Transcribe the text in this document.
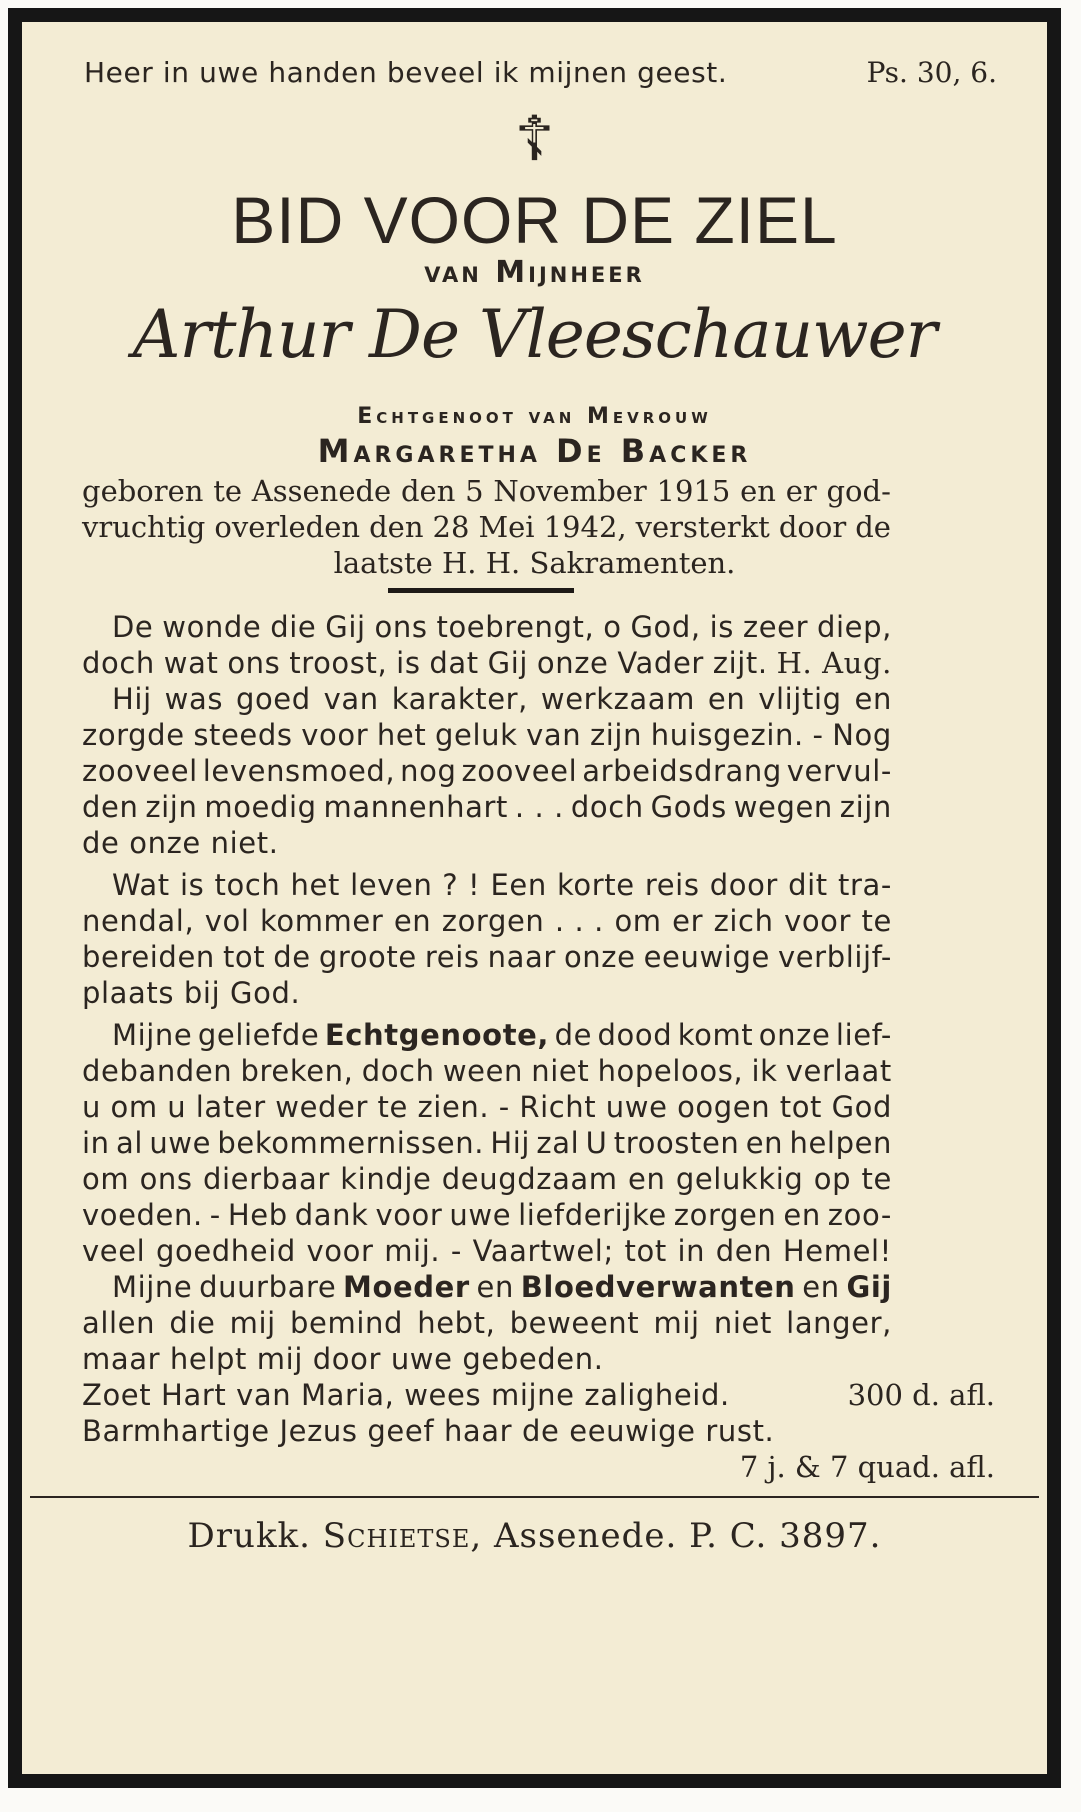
Heer in uwe handen beveel ik mijnen geest.	Ps. 30, 6.
☦
BID VOOR DE ZIEL
van Mijnheer
Arthur De Vleeschauwer
Echtgenoot van Mevrouw
Margaretha De Backer
geboren te Assenede den 5 November 1915 en er god-
vruchtig overleden den 28 Mei 1942, versterkt door de
laatste H. H. Sakramenten.
De wonde die Gij ons toebrengt, o God, is zeer diep,
doch wat ons troost, is dat Gij onze Vader zijt. H. Aug.
Hij was goed van karakter, werkzaam en vlijtig en
zorgde steeds voor het geluk van zijn huisgezin. - Nog
zooveel levensmoed, nog zooveel arbeidsdrang vervul-
den zijn moedig mannenhart . . . doch Gods wegen zijn
de onze niet.
Wat is toch het leven ? ! Een korte reis door dit tra-
nendal, vol kommer en zorgen . . . om er zich voor te
bereiden tot de groote reis naar onze eeuwige verblijf-
plaats bij God.
Mijne geliefde Echtgenoote, de dood komt onze lief-
debanden breken, doch ween niet hopeloos, ik verlaat
u om u later weder te zien. - Richt uwe oogen tot God
in al uwe bekommernissen. Hij zal U troosten en helpen
om ons dierbaar kindje deugdzaam en gelukkig op te
voeden. - Heb dank voor uwe liefderijke zorgen en zoo-
veel goedheid voor mij. - Vaartwel; tot in den Hemel!
Mijne duurbare Moeder en Bloedverwanten en Gij
allen die mij bemind hebt, beweent mij niet langer,
maar helpt mij door uwe gebeden.
Zoet Hart van Maria, wees mijne zaligheid.	300 d. afl.
Barmhartige Jezus geef haar de eeuwige rust.
7 j. & 7 quad. afl.
Drukk. Schietse, Assenede. P. C. 3897.
